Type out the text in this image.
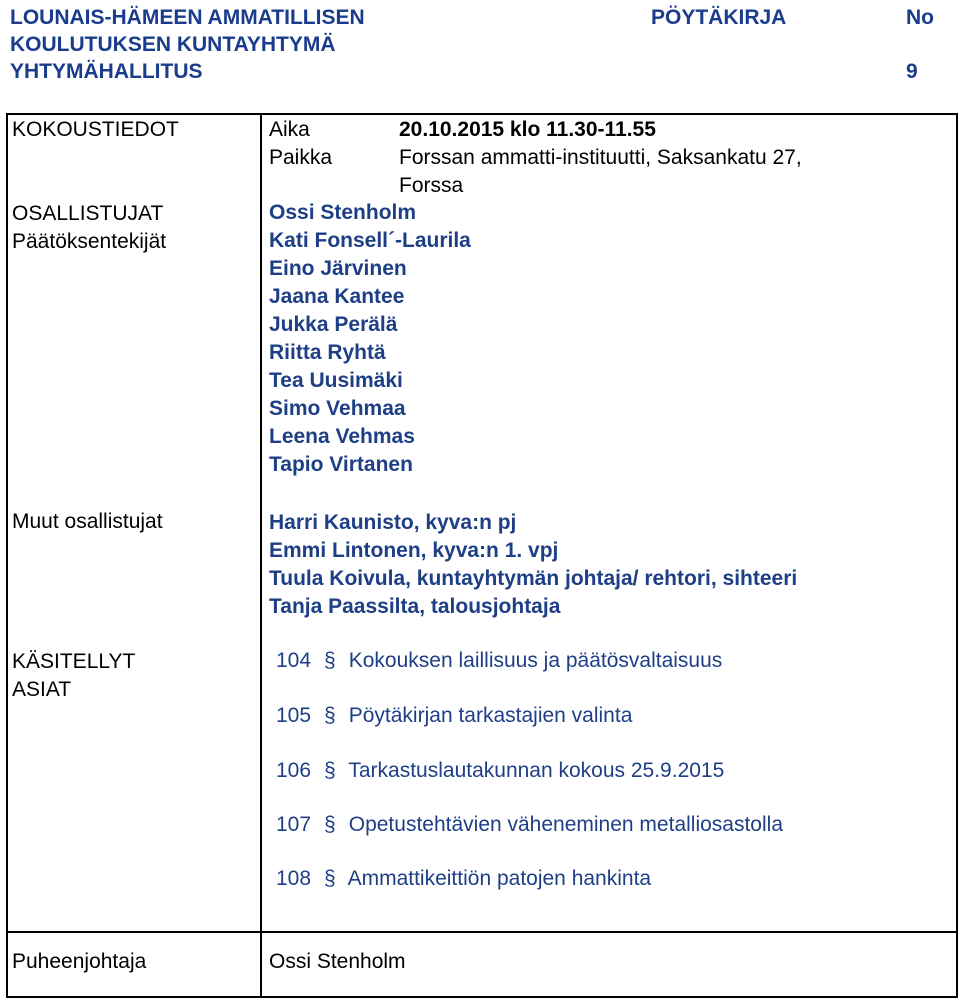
LOUNAIS-HÄMEEN AMMATILLISEN
KOULUTUKSEN KUNTAYHTYMÄ
YHTYMÄHALLITUS
PÖYTÄKIRJA	No
9
KOKOUSTIEDOT	Aika	20.10.2015 klo 11.30-11.55
Paikka	Forssan ammatti-instituutti, Saksankatu 27,
Forssa
OSALLISTUJAT
Päätöksentekijät
Ossi Stenholm
Kati Fonsell´-Laurila
Eino Järvinen
Jaana Kantee
Jukka Perälä
Riitta Ryhtä
Tea Uusimäki
Simo Vehmaa
Leena Vehmas
Tapio Virtanen
Muut osallistujat	Harri Kaunisto, kyva:n pj
Emmi Lintonen, kyva:n 1. vpj
Tuula Koivula, kuntayhtymän johtaja/ rehtori, sihteeri
Tanja Paassilta, talousjohtaja
KÄSITELLYT
ASIAT
104 § Kokouksen laillisuus ja päätösvaltaisuus
105 § Pöytäkirjan tarkastajien valinta
106 § Tarkastuslautakunnan kokous 25.9.2015
107 § Opetustehtävien väheneminen metalliosastolla
108 § Ammattikeittiön patojen hankinta
Puheenjohtaja	Ossi Stenholm
